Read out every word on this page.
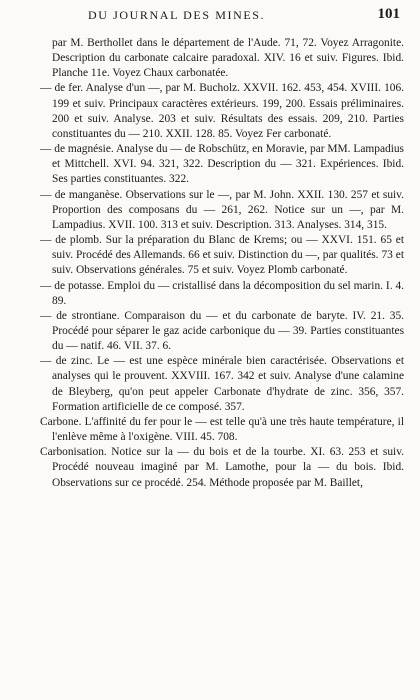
DU JOURNAL DES MINES.	101

par M. Berthollet dans le département de l'Aude. 71, 72. Voyez Arragonite. Description du carbonate calcaire paradoxal. XIV. 16 et suiv. Figures. Ibid. Planche 11e. Voyez Chaux carbonatée.

— de fer. Analyse d'un —, par M. Bucholz. XXVII. 162. 453, 454. XVIII. 106. 199 et suiv. Principaux caractères extérieurs. 199, 200. Essais préliminaires. 200 et suiv. Analyse. 203 et suiv. Résultats des essais. 209, 210. Parties constituantes du — 210. XXII. 128. 85. Voyez Fer carbonaté.

— de magnésie. Analyse du — de Robschütz, en Moravie, par MM. Lampadius et Mittchell. XVI. 94. 321, 322. Description du — 321. Expériences. Ibid. Ses parties constituantes. 322.

— de manganèse. Observations sur le —, par M. John. XXII. 130. 257 et suiv. Proportion des composans du — 261, 262. Notice sur un —, par M. Lampadius. XVII. 100. 313 et suiv. Description. 313. Analyses. 314, 315.

— de plomb. Sur la préparation du Blanc de Krems; ou — XXVI. 151. 65 et suiv. Procédé des Allemands. 66 et suiv. Distinction du —, par qualités. 73 et suiv. Observations générales. 75 et suiv. Voyez Plomb carbonaté.

— de potasse. Emploi du — cristallisé dans la décomposition du sel marin. I. 4. 89.

— de strontiane. Comparaison du — et du carbonate de baryte. IV. 21. 35. Procédé pour séparer le gaz acide carbonique du — 39. Parties constituantes du — natif. 46. VII. 37. 6.

— de zinc. Le — est une espèce minérale bien caractérisée. Observations et analyses qui le prouvent. XXVIII. 167. 342 et suiv. Analyse d'une calamine de Bleyberg, qu'on peut appeler Carbonate d'hydrate de zinc. 356, 357. Formation artificielle de ce composé. 357.

Carbone. L'affinité du fer pour le — est telle qu'à une très haute température, il l'enlève même à l'oxigène. VIII. 45. 708.

Carbonisation. Notice sur la — du bois et de la tourbe. XI. 63. 253 et suiv. Procédé nouveau imaginé par M. Lamothe, pour la — du bois. Ibid. Observations sur ce procédé. 254. Méthode proposée par M. Baillet,
